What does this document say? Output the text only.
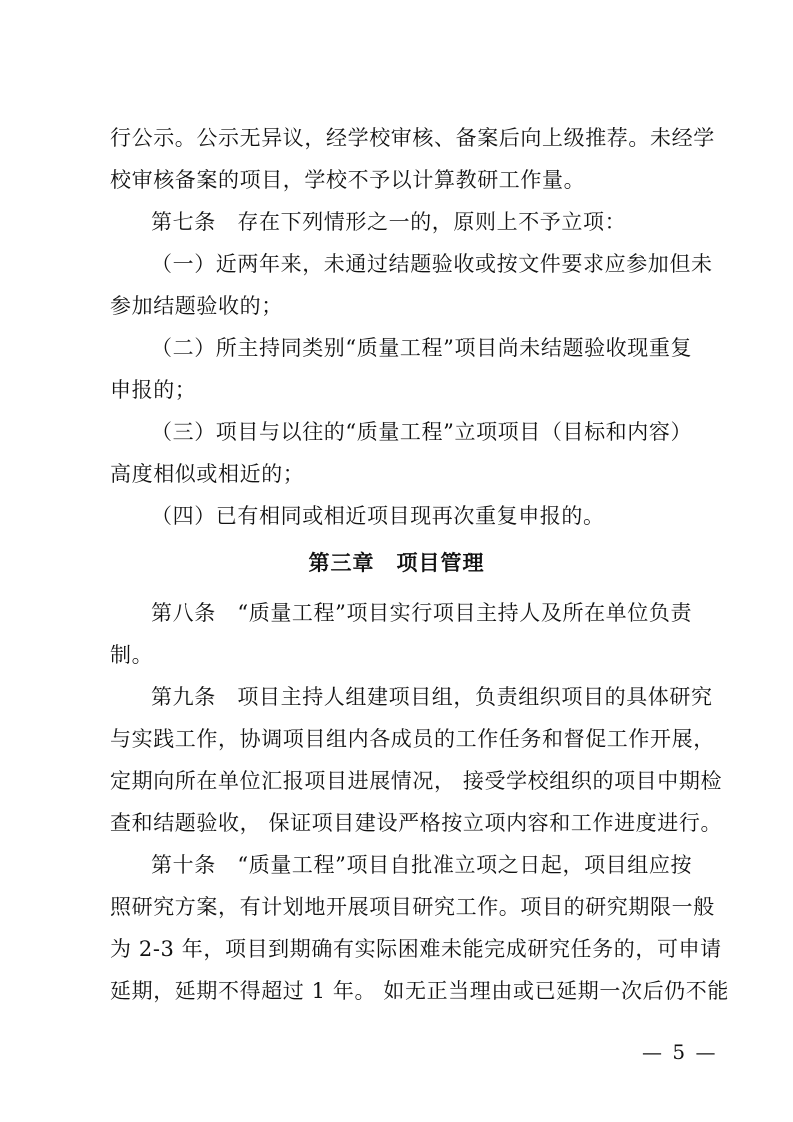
行公示。公示无异议，经学校审核、备案后向上级推荐。未经学
校审核备案的项目，学校不予以计算教研工作量。
第七条　存在下列情形之一的，原则上不予立项：
（一）近两年来，未通过结题验收或按文件要求应参加但未
参加结题验收的；
（二）所主持同类别“质量工程”项目尚未结题验收现重复
申报的；
（三）项目与以往的“质量工程”立项项目（目标和内容）
高度相似或相近的；
（四）已有相同或相近项目现再次重复申报的。
第三章　项目管理
第八条　“质量工程”项目实行项目主持人及所在单位负责
制。
第九条　项目主持人组建项目组，负责组织项目的具体研究
与实践工作，协调项目组内各成员的工作任务和督促工作开展，
定期向所在单位汇报项目进展情况， 接受学校组织的项目中期检
查和结题验收， 保证项目建设严格按立项内容和工作进度进行。
第十条　“质量工程”项目自批准立项之日起，项目组应按
照研究方案，有计划地开展项目研究工作。项目的研究期限一般
为 2-3 年，项目到期确有实际困难未能完成研究任务的，可申请
延期，延期不得超过 1 年。 如无正当理由或已延期一次后仍不能
— 5 —
